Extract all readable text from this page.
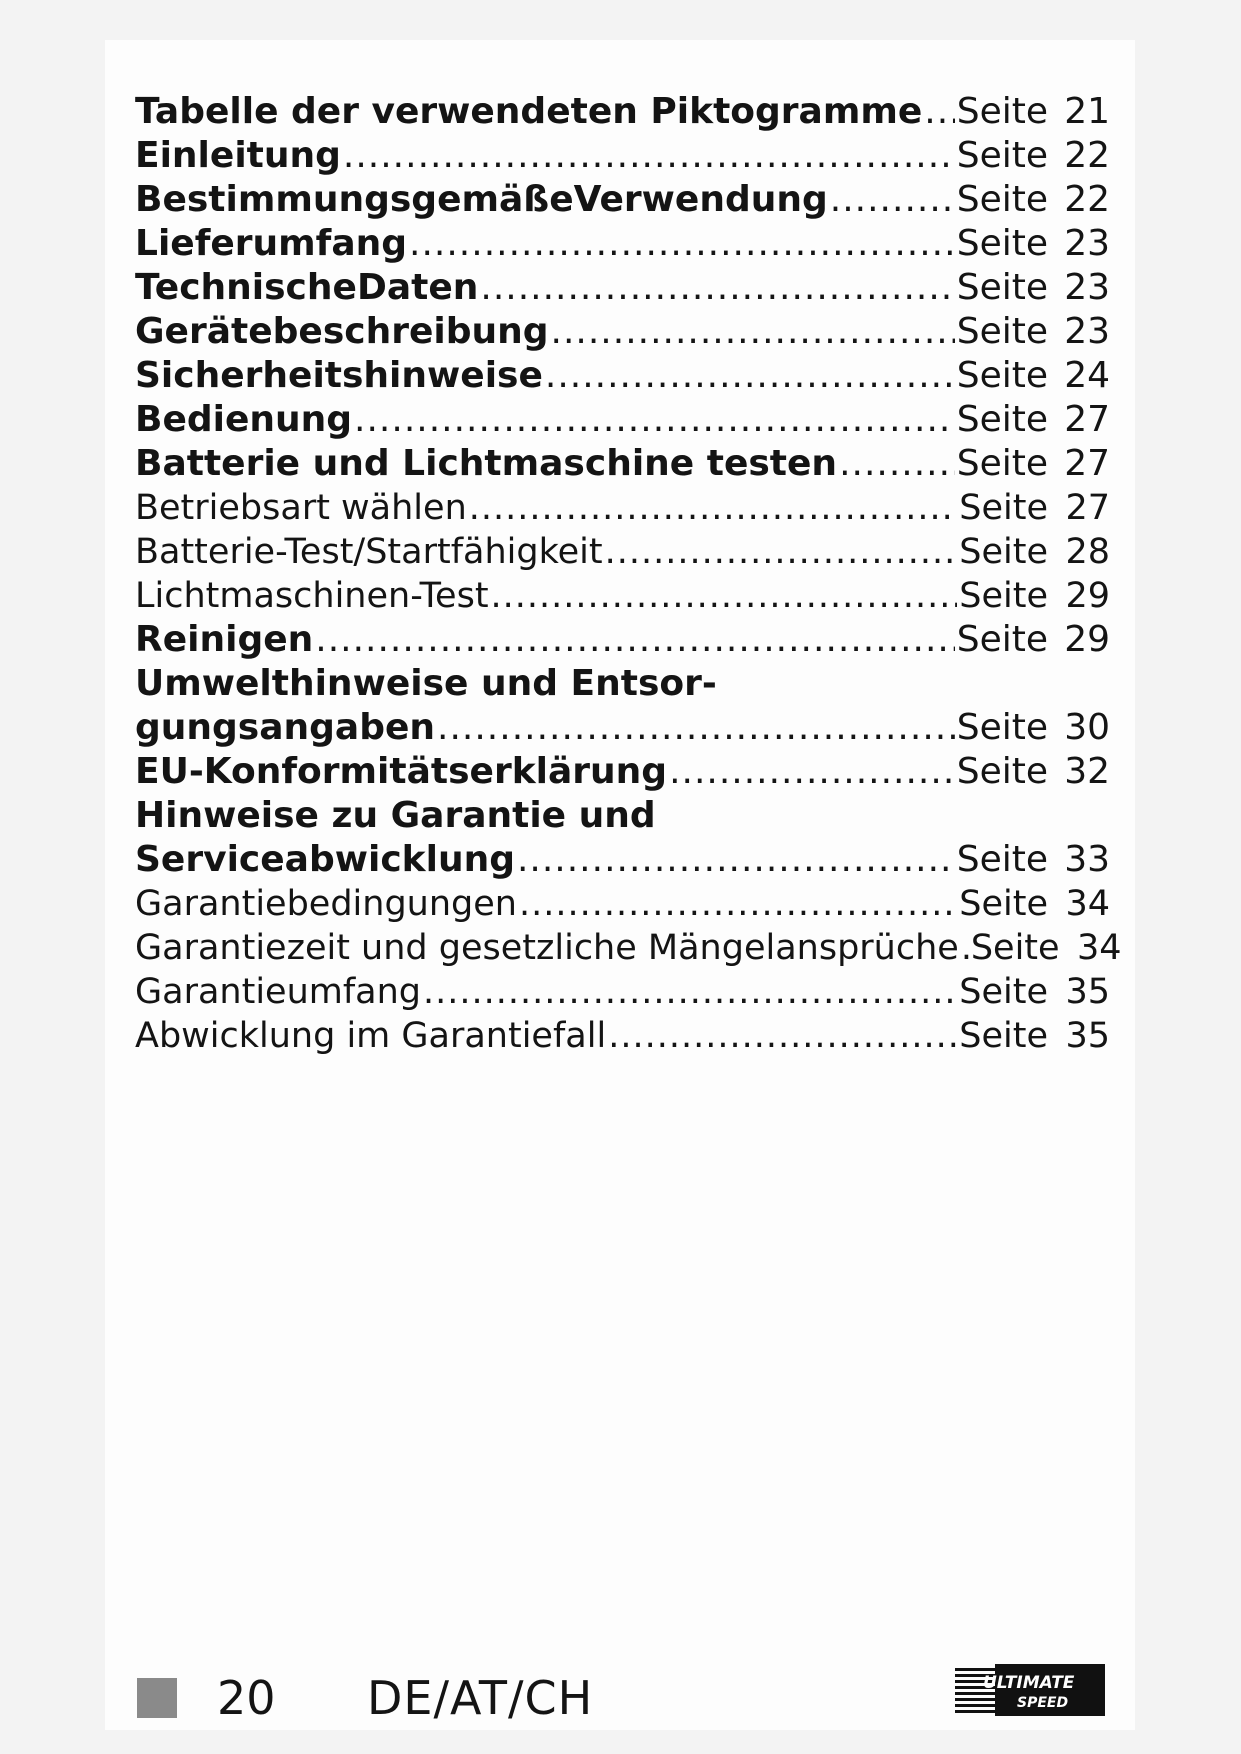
Tabelle der verwendeten Piktogramme ..... Seite 21
Einleitung .....	Seite 22
BestimmungsgemäßeVerwendung .....	Seite 22
Lieferumfang .....	Seite 23
TechnischeDaten .....	Seite 23
Gerätebeschreibung .....	Seite 23
Sicherheitshinweise .....	Seite 24
Bedienung .....	Seite 27
Batterie und Lichtmaschine testen .....	Seite 27
Betriebsart wählen .....	Seite 27
Batterie-Test/Startfähigkeit .....	Seite 28
Lichtmaschinen-Test .....	Seite 29
Reinigen .....	Seite 29
Umwelthinweise und Entsor-
gungsangaben .....	Seite 30
EU-Konformitätserklärung .....	Seite 32
Hinweise zu Garantie und
Serviceabwicklung .....	Seite 33
Garantiebedingungen .....	Seite 34
Garantiezeit und gesetzliche Mängelansprüche ..... Seite 34
Garantieumfang .....	Seite 35
Abwicklung im Garantiefall .....	Seite 35
20 DE/AT/CH	ULTIMATE
SPEED
